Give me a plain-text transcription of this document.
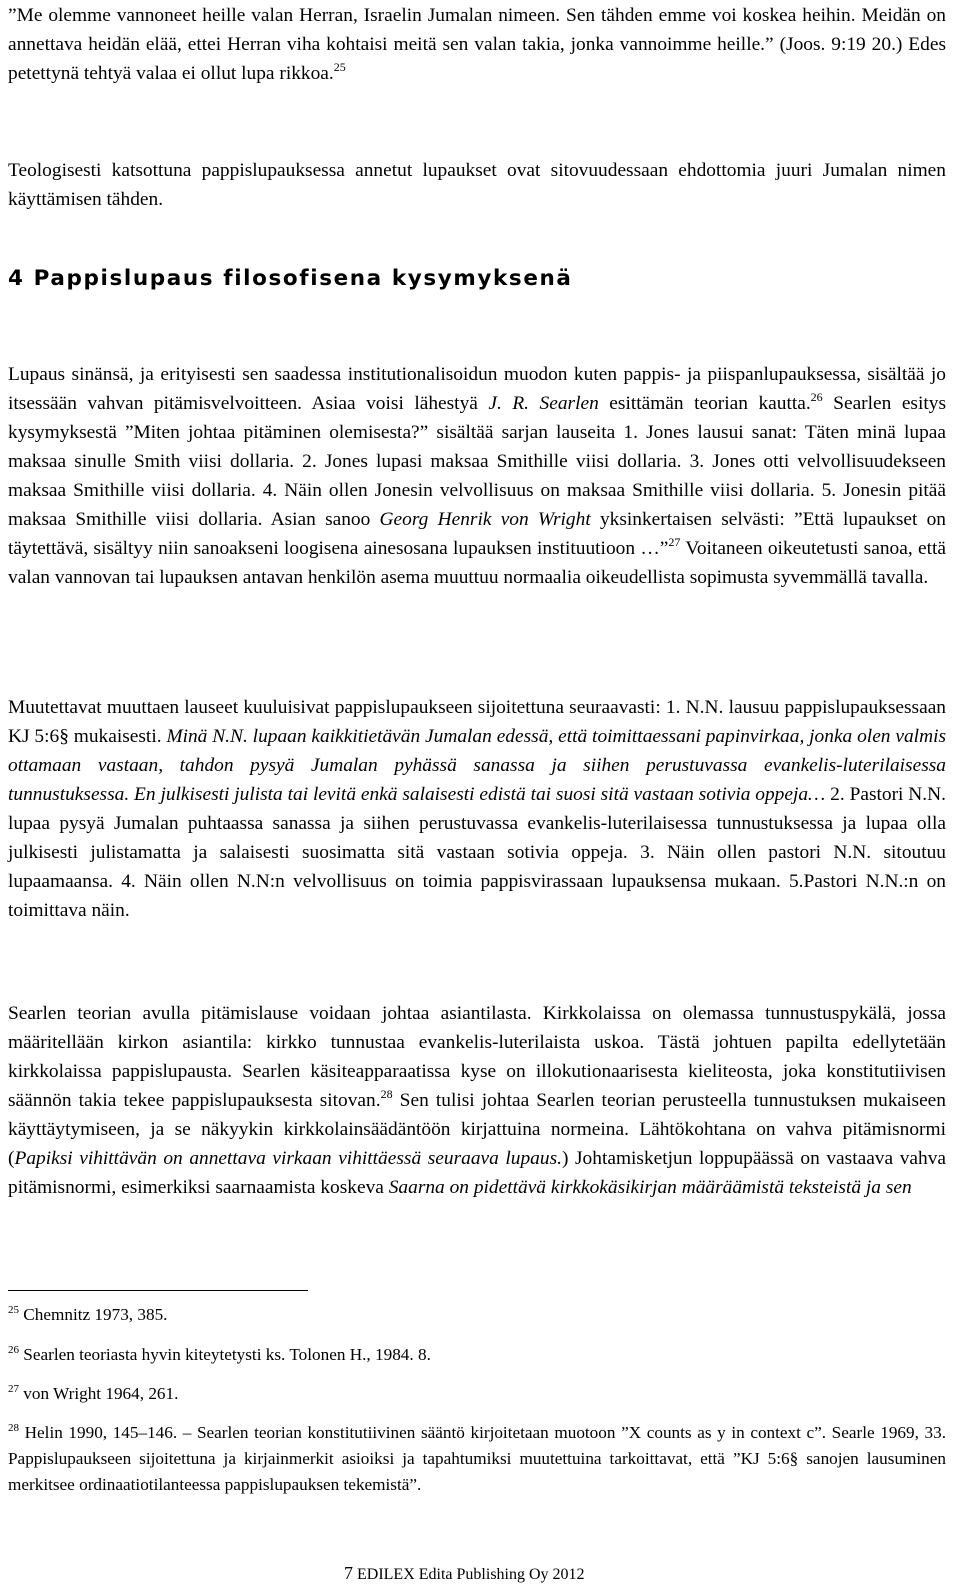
”Me olemme vannoneet heille valan Herran, Israelin Jumalan nimeen. Sen tähden emme voi koskea heihin. Meidän on annettava heidän elää, ettei Herran viha kohtaisi meitä sen valan takia, jonka vannoimme heille.” (Joos. 9:19 20.) Edes petettynä tehtyä valaa ei ollut lupa rikkoa.$^{25}$

Teologisesti katsottuna pappislupauksessa annetut lupaukset ovat sitovuudessaan ehdottomia juuri Jumalan nimen käyttämisen tähden.

4 Pappislupaus filosofisena kysymyksenä

Lupaus sinänsä, ja erityisesti sen saadessa institutionalisoidun muodon kuten pappis- ja piispanlupauksessa, sisältää jo itsessään vahvan pitämisvelvoitteen. Asiaa voisi lähestyä J. R. Searlen esittämän teorian kautta.$^{26}$ Searlen esitys kysymyksestä ”Miten johtaa pitäminen olemisesta?” sisältää sarjan lauseita 1. Jones lausui sanat: Täten minä lupaa maksaa sinulle Smith viisi dollaria. 2. Jones lupasi maksaa Smithille viisi dollaria. 3. Jones otti velvollisuudekseen maksaa Smithille viisi dollaria. 4. Näin ollen Jonesin velvollisuus on maksaa Smithille viisi dollaria. 5. Jonesin pitää maksaa Smithille viisi dollaria. Asian sanoo Georg Henrik von Wright yksinkertaisen selvästi: ”Että lupaukset on täytettävä, sisältyy niin sanoakseni loogisena ainesosana lupauksen instituutioon …”$^{27}$ Voitaneen oikeutetusti sanoa, että valan vannovan tai lupauksen antavan henkilön asema muuttuu normaalia oikeudellista sopimusta syvemmällä tavalla.

Muutettavat muuttaen lauseet kuuluisivat pappislupaukseen sijoitettuna seuraavasti: 1. N.N. lausuu pappislupauksessaan KJ 5:6§ mukaisesti. Minä N.N. lupaan kaikkitietävän Jumalan edessä, että toimittaessani papinvirkaa, jonka olen valmis ottamaan vastaan, tahdon pysyä Jumalan pyhässä sanassa ja siihen perustuvassa evankelis-luterilaisessa tunnustuksessa. En julkisesti julista tai levitä enkä salaisesti edistä tai suosi sitä vastaan sotivia oppeja… 2. Pastori N.N. lupaa pysyä Jumalan puhtaassa sanassa ja siihen perustuvassa evankelis-luterilaisessa tunnustuksessa ja lupaa olla julkisesti julistamatta ja salaisesti suosimatta sitä vastaan sotivia oppeja. 3. Näin ollen pastori N.N. sitoutuu lupaamaansa. 4. Näin ollen N.N:n velvollisuus on toimia pappisvirassaan lupauksensa mukaan. 5.Pastori N.N.:n on toimittava näin.

Searlen teorian avulla pitämislause voidaan johtaa asiantilasta. Kirkkolaissa on olemassa tunnustuspykälä, jossa määritellään kirkon asiantila: kirkko tunnustaa evankelis-luterilaista uskoa. Tästä johtuen papilta edellytetään kirkkolaissa pappislupausta. Searlen käsiteapparaatissa kyse on illokutionaarisesta kieliteosta, joka konstitutiivisen säännön takia tekee pappislupauksesta sitovan.$^{28}$ Sen tulisi johtaa Searlen teorian perusteella tunnustuksen mukaiseen käyttäytymiseen, ja se näkyykin kirkkolainsäädäntöön kirjattuina normeina. Lähtökohtana on vahva pitämisnormi (Papiksi vihittävän on annettava virkaan vihittäessä seuraava lupaus.) Johtamisketjun loppupäässä on vastaava vahva pitämisnormi, esimerkiksi saarnaamista koskeva Saarna on pidettävä kirkkokäsikirjan määräämistä teksteistä ja sen

$^{25}$ Chemnitz 1973, 385.

$^{26}$ Searlen teoriasta hyvin kiteytetysti ks. Tolonen H., 1984. 8.

$^{27}$ von Wright 1964, 261.

$^{28}$ Helin 1990, 145–146. – Searlen teorian konstitutiivinen sääntö kirjoitetaan muotoon ”X counts as y in context c”. Searle 1969, 33. Pappislupaukseen sijoitettuna ja kirjainmerkit asioiksi ja tapahtumiksi muutettuina tarkoittavat, että ”KJ 5:6§ sanojen lausuminen merkitsee ordinaatiotilanteessa pappislupauksen tekemistä”.

7 EDILEX Edita Publishing Oy 2012
